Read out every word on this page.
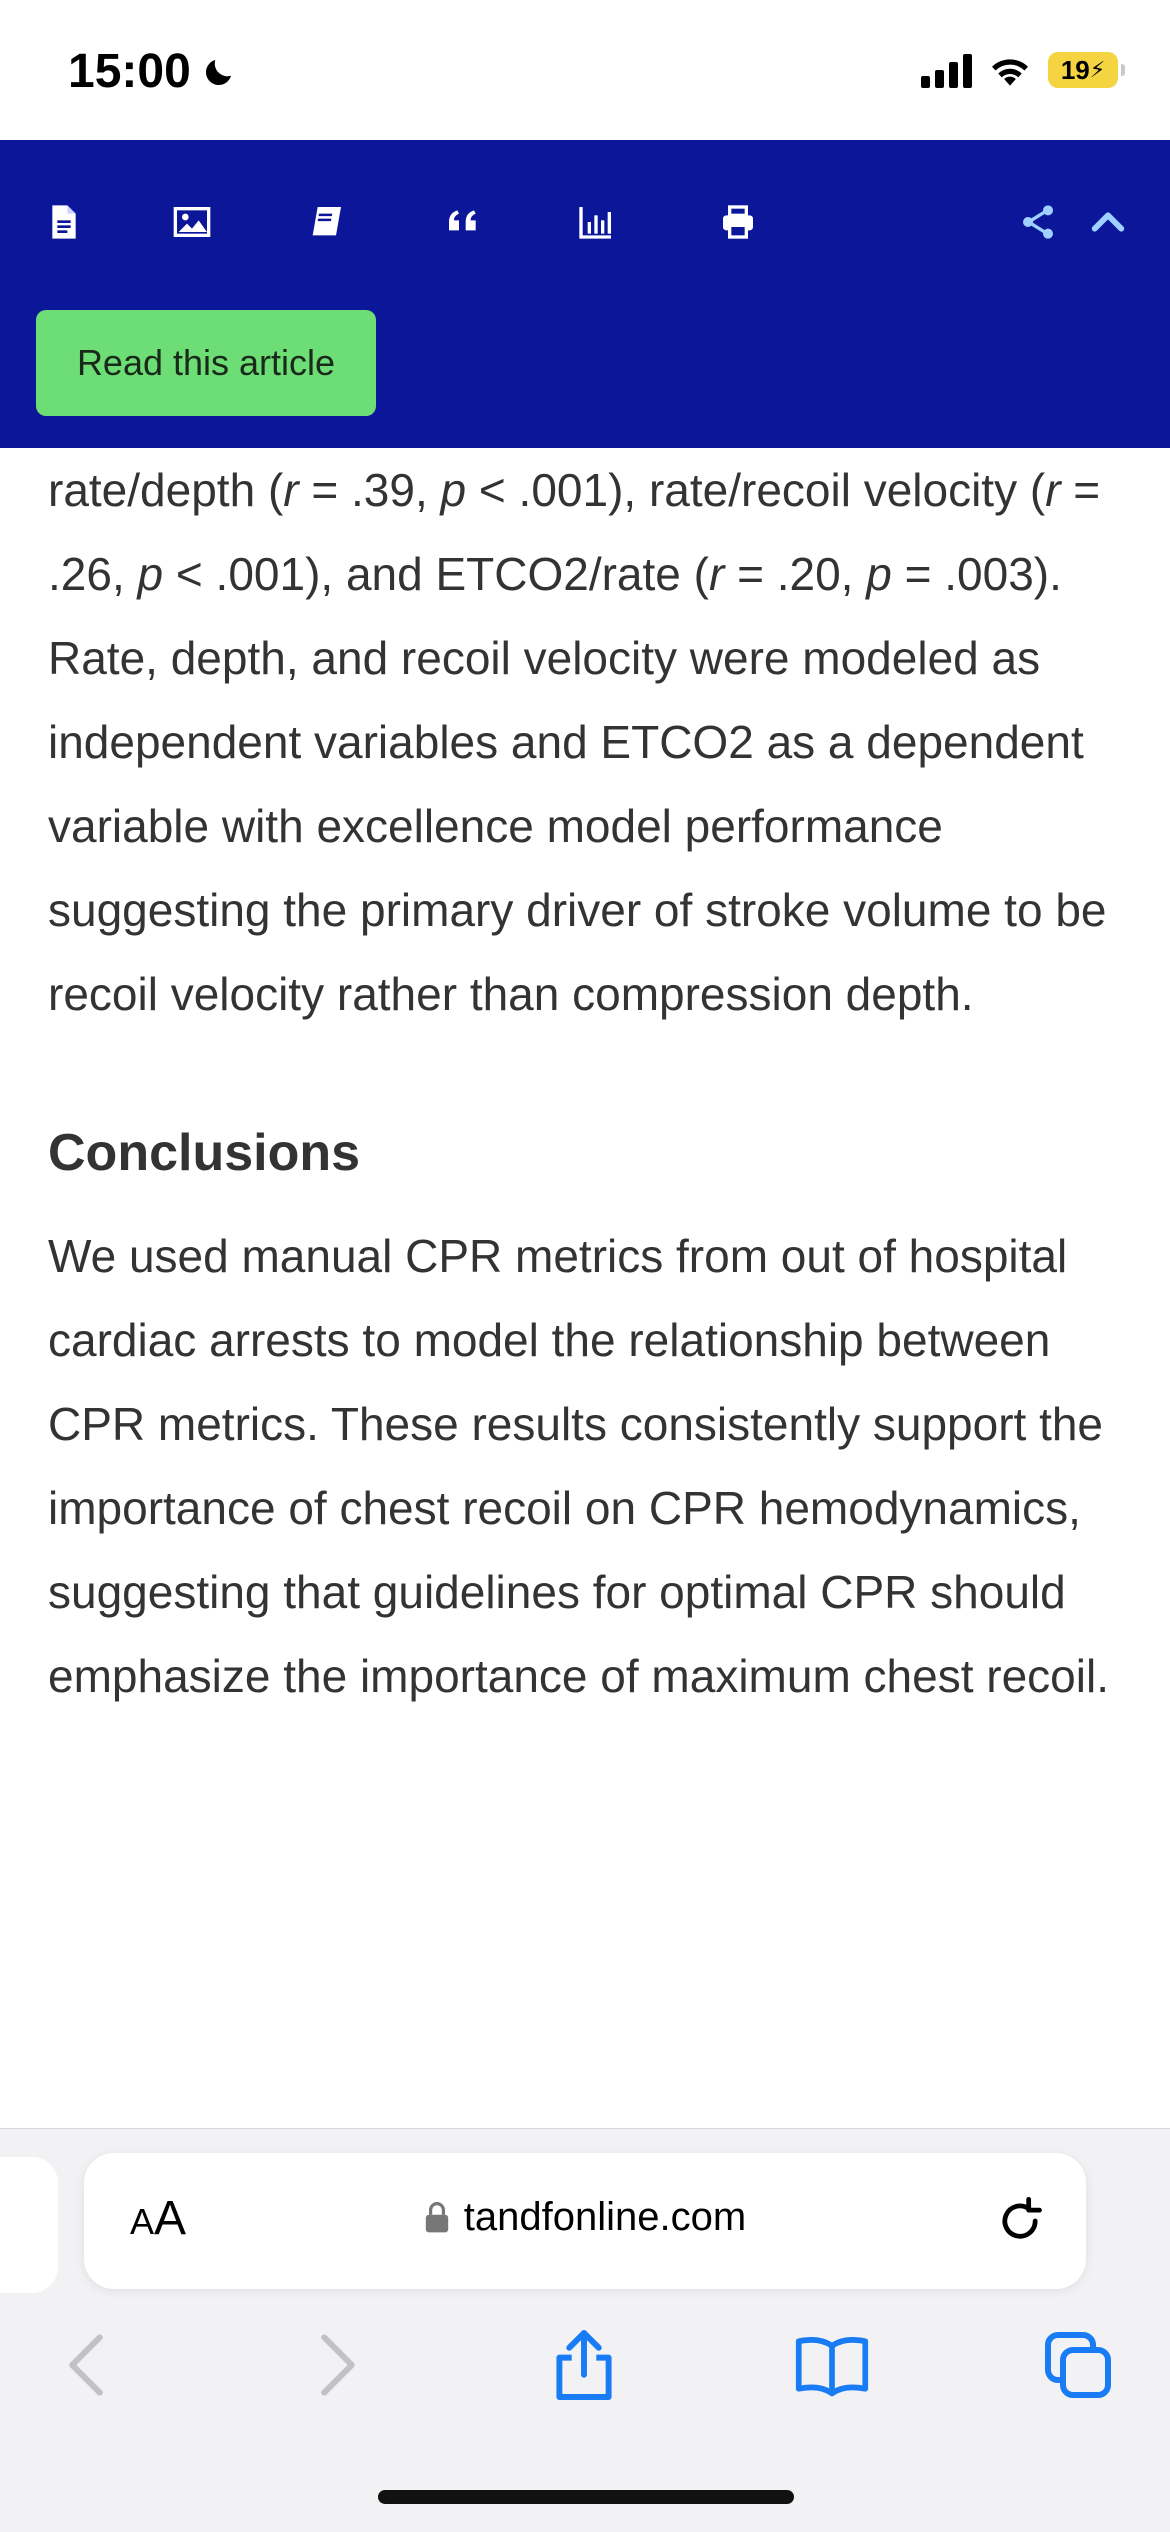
15:00	19 ⚡
Read this article

rate/depth (r = .39, p < .001), rate/recoil velocity (r = .26, p < .001), and ETCO2/rate (r = .20, p = .003). Rate, depth, and recoil velocity were modeled as independent variables and ETCO2 as a dependent variable with excellence model performance suggesting the primary driver of stroke volume to be recoil velocity rather than compression depth.

Conclusions

We used manual CPR metrics from out of hospital cardiac arrests to model the relationship between CPR metrics. These results consistently support the importance of chest recoil on CPR hemodynamics, suggesting that guidelines for optimal CPR should emphasize the importance of maximum chest recoil.

AA	tandfonline.com
